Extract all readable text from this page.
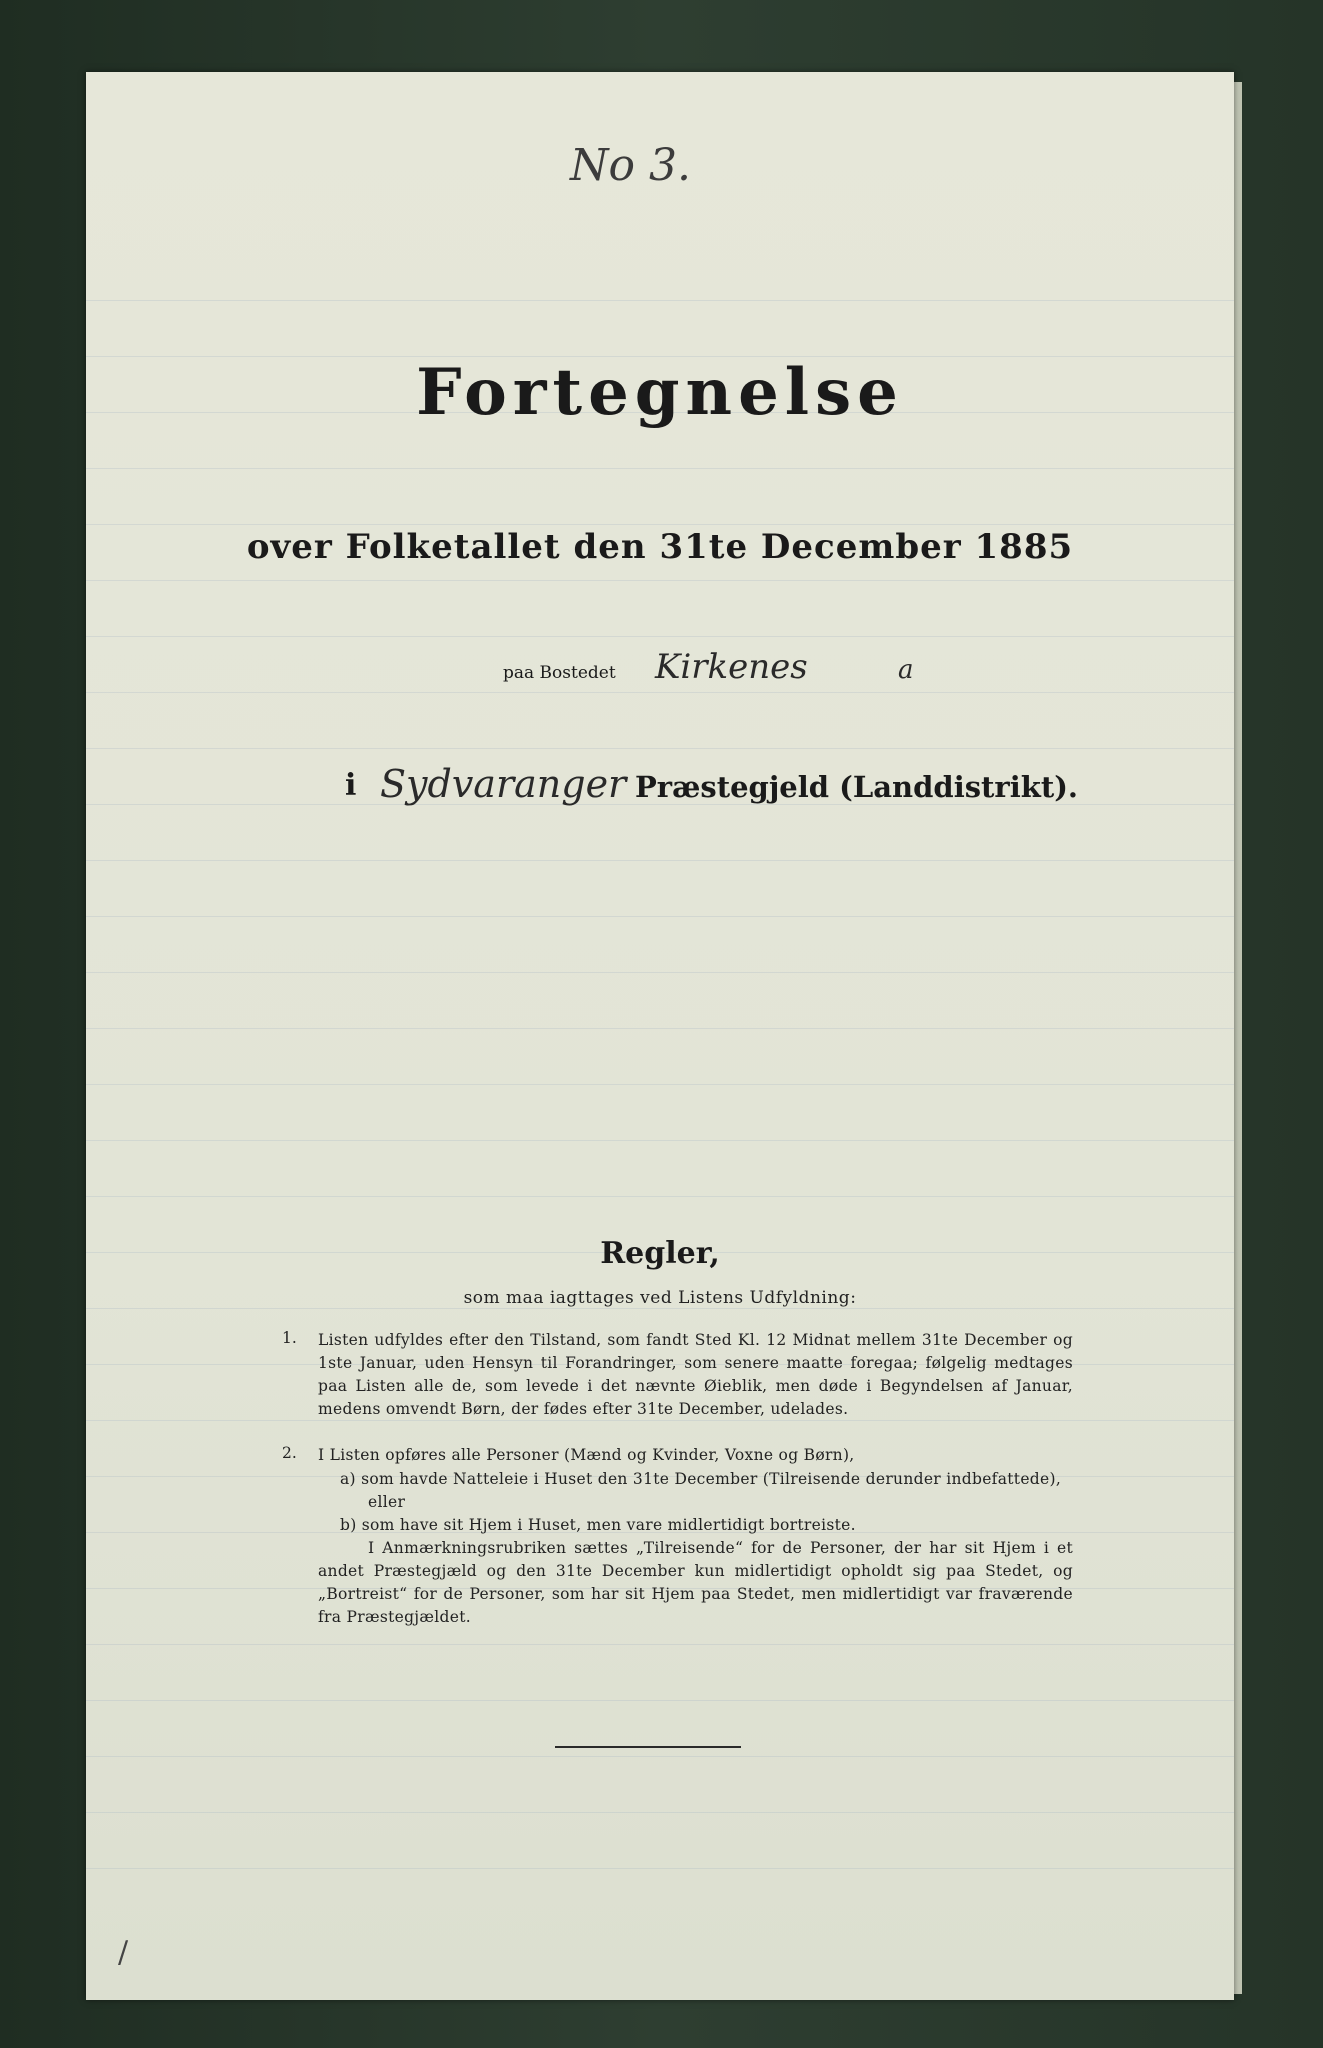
No 3.
Fortegnelse
over Folketallet den 31te December 1885
paa Bostedet Kirkenes	a
i Sydvaranger Præstegjeld (Landdistrikt).
Regler,
som maa iagttages ved Listens Udfyldning:
1. Listen udfyldes efter den Tilstand, som fandt Sted Kl. 12 Midnat mellem 31te December og 1ste Januar, uden Hensyn til Forandringer, som senere maatte foregaa; følgelig medtages paa Listen alle de, som levede i det nævnte Øieblik, men døde i Begyndelsen af Januar, medens omvendt Børn, der fødes efter 31te December, udelades.
2. I Listen opføres alle Personer (Mænd og Kvinder, Voxne og Børn),
a) som havde Natteleie i Huset den 31te December (Tilreisende derunder indbefattede),
eller
b) som have sit Hjem i Huset, men vare midlertidigt bortreiste.
I Anmærkningsrubriken sættes „Tilreisende“ for de Personer, der har sit Hjem i et andet Præstegjæld og den 31te December kun midlertidigt opholdt sig paa Stedet, og „Bortreist“ for de Personer, som har sit Hjem paa Stedet, men midlertidigt var fraværende fra Præstegjældet.
/
